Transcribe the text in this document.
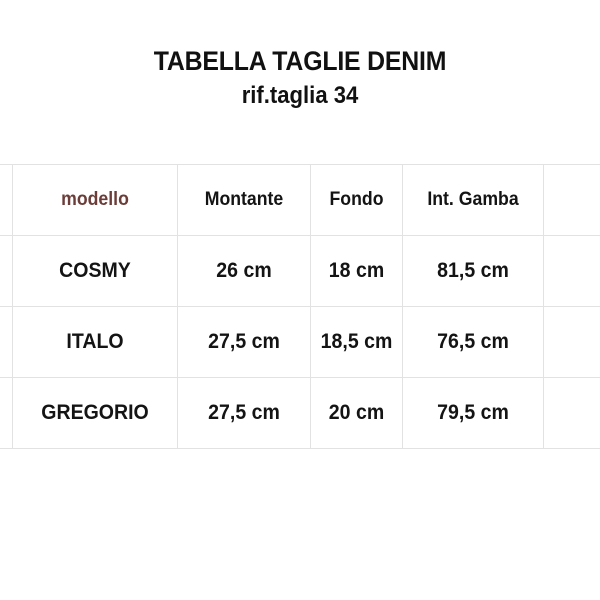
TABELLA TAGLIE DENIM
rif.taglia 34

	modello	Montante	Fondo	Int. Gamba	

	COSMY	26 cm	18 cm	81,5 cm	

	ITALO	27,5 cm	18,5 cm	76,5 cm	

	GREGORIO	27,5 cm	20 cm	79,5 cm	
